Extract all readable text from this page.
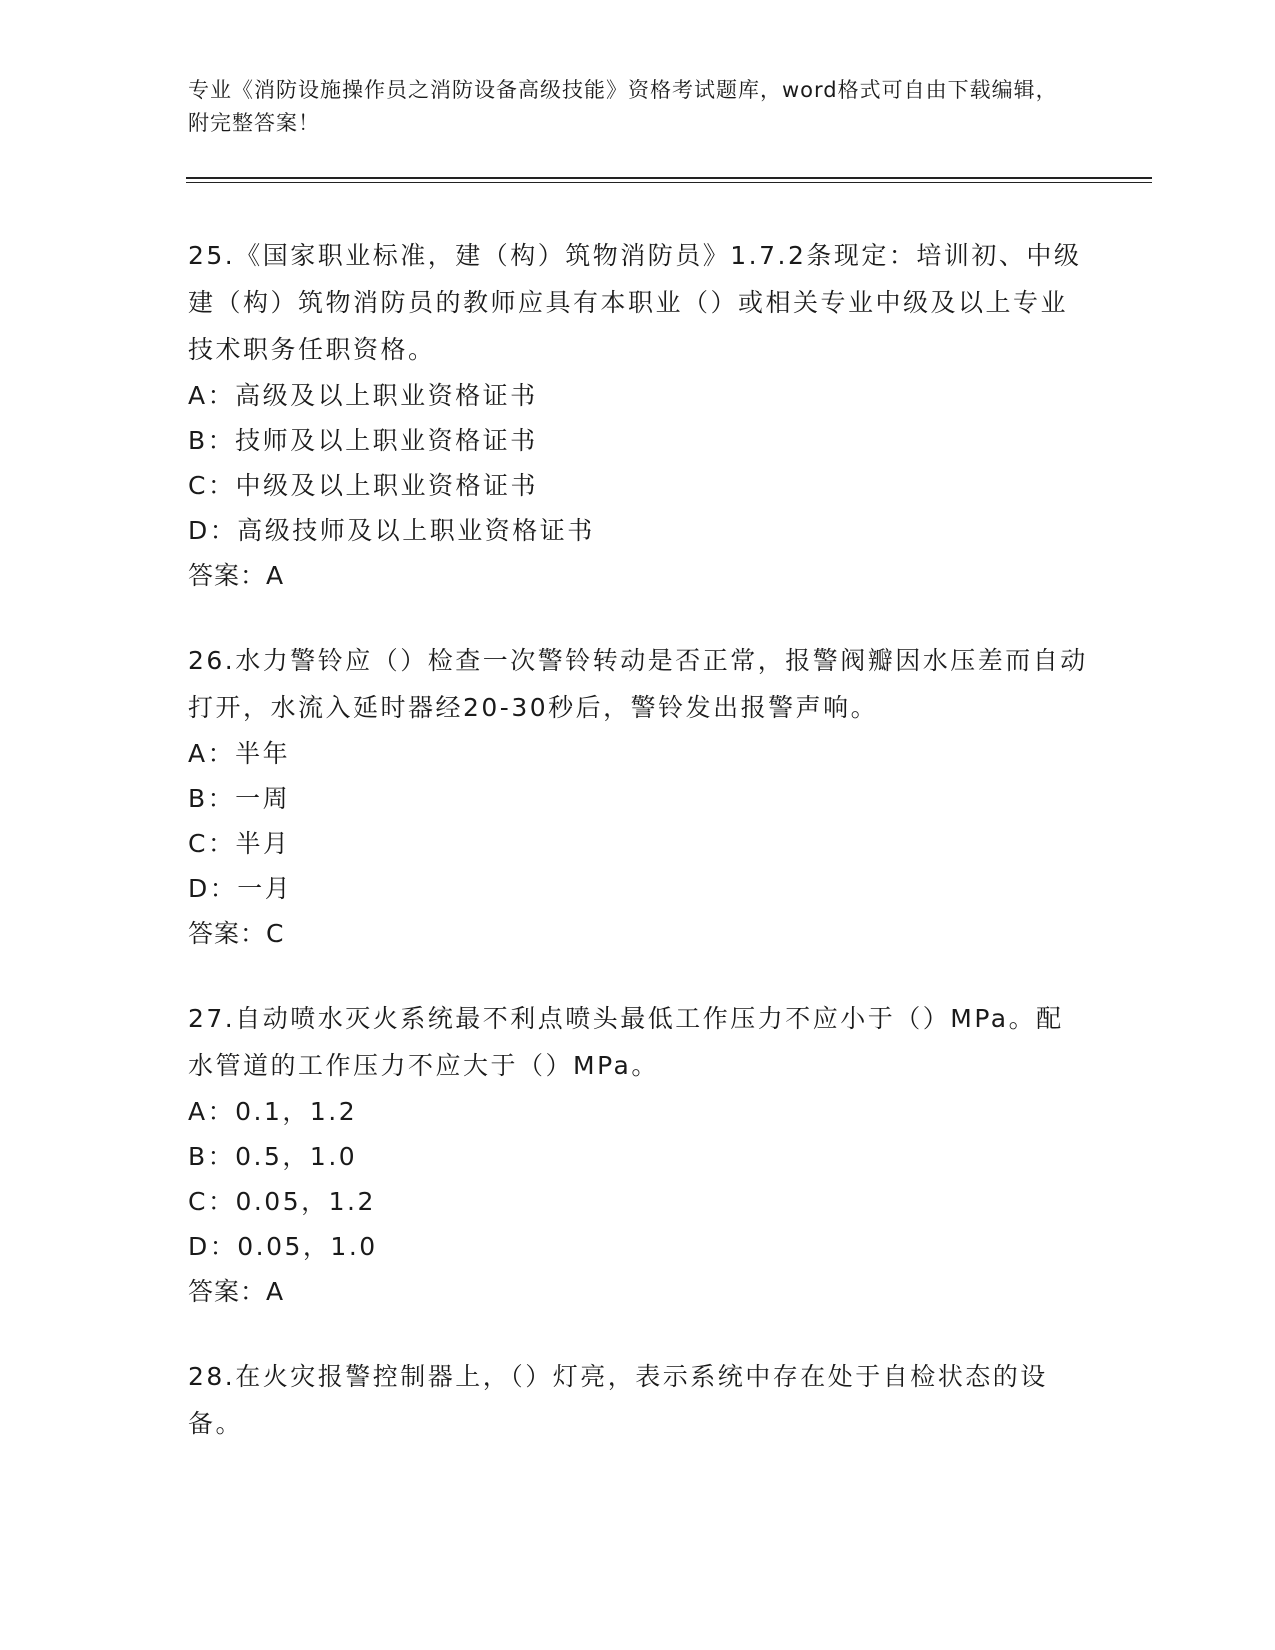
专业《消防设施操作员之消防设备高级技能》资格考试题库，word格式可自由下载编辑，附完整答案！

25.《国家职业标准，建（构）筑物消防员》1.7.2条现定：培训初、中级建（构）筑物消防员的教师应具有本职业（）或相关专业中级及以上专业技术职务任职资格。

A：高级及以上职业资格证书

B：技师及以上职业资格证书

C：中级及以上职业资格证书

D：高级技师及以上职业资格证书

答案：A

26.水力警铃应（）检查一次警铃转动是否正常，报警阀瓣因水压差而自动打开，水流入延时器经20-30秒后，警铃发出报警声响。

A：半年

B：一周

C：半月

D：一月

答案：C

27.自动喷水灭火系统最不利点喷头最低工作压力不应小于（）MPa。配水管道的工作压力不应大于（）MPa。

A：0.1，1.2

B：0.5，1.0

C：0.05，1.2

D：0.05，1.0

答案：A

28.在火灾报警控制器上，（）灯亮，表示系统中存在处于自检状态的设备。
